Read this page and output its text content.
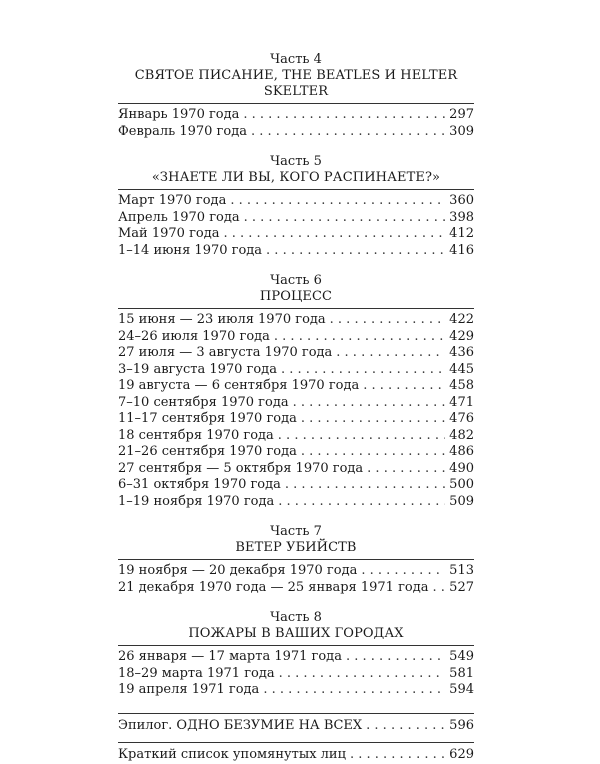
Часть 4
СВЯТОЕ ПИСАНИЕ, THE BEATLES И HELTER SKELTER
Январь 1970 года . . .	297
Февраль 1970 года . . .	309
Часть 5
«ЗНАЕТЕ ЛИ ВЫ, КОГО РАСПИНАЕТЕ?»
Март 1970 года . . .	360
Апрель 1970 года . . .	398
Май 1970 года . . .	412
1–14 июня 1970 года . . .	416
Часть 6
ПРОЦЕСС
15 июня — 23 июля 1970 года . . .	422
24–26 июля 1970 года . . .	429
27 июля — 3 августа 1970 года . . .	436
3–19 августа 1970 года . . .	445
19 августа — 6 сентября 1970 года . . .	458
7–10 сентября 1970 года . . .	471
11–17 сентября 1970 года . . .	476
18 сентября 1970 года . . .	482
21–26 сентября 1970 года . . .	486
27 сентября — 5 октября 1970 года . . .	490
6–31 октября 1970 года . . .	500
1–19 ноября 1970 года . . .	509
Часть 7
ВЕТЕР УБИЙСТВ
19 ноября — 20 декабря 1970 года . . .	513
21 декабря 1970 года — 25 января 1971 года . . . 527
Часть 8
ПОЖАРЫ В ВАШИХ ГОРОДАХ
26 января — 17 марта 1971 года . . .	549
18–29 марта 1971 года . . .	581
19 апреля 1971 года . . .	594
Эпилог. ОДНО БЕЗУМИЕ НА ВСЕХ . . .	596
Краткий список упомянутых лиц . . .	629
